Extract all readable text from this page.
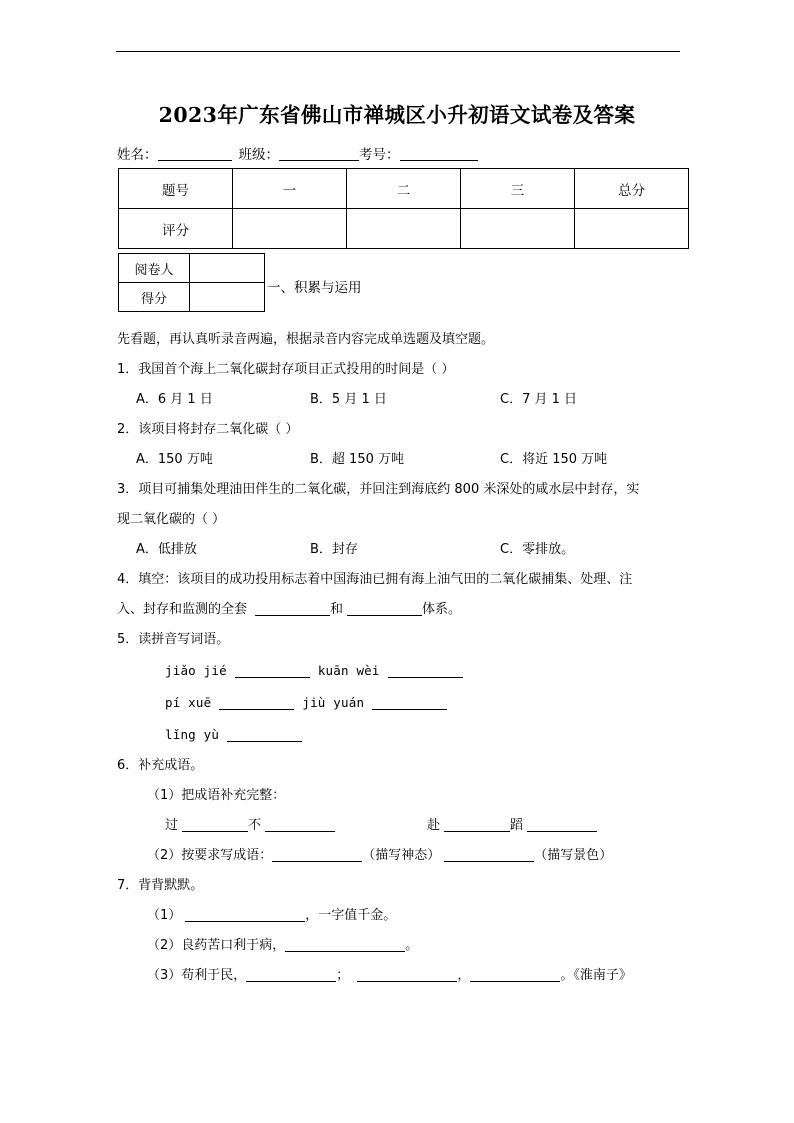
2023年广东省佛山市禅城区小升初语文试卷及答案
姓名：	班级：	考号：
题号	一	二	三	总分
评分				
阅卷人	
得分	
一、积累与运用
先看题，再认真听录音两遍，根据录音内容完成单选题及填空题。
1．我国首个海上二氧化碳封存项目正式投用的时间是（ ）
A．6 月 1 日	B．5 月 1 日	C．7 月 1 日
2．该项目将封存二氧化碳（ ）
A．150 万吨	B．超 150 万吨	C．将近 150 万吨
3．项目可捕集处理油田伴生的二氧化碳，并回注到海底约 800 米深处的咸水层中封存，实
现二氧化碳的（ ）
A．低排放	B．封存	C．零排放。
4．填空：该项目的成功投用标志着中国海油已拥有海上油气田的二氧化碳捕集、处理、注
入、封存和监测的全套	和	体系。
5．读拼音写词语。
jiǎo jié	kuān wèi
pí xuē	jiù yuán
lǐng yù
6．补充成语。
（1）把成语补充完整：
过	不	赴	蹈
（2）按要求写成语：	（描写神态）	（描写景色）
7．背背默默。
（1）	，一字值千金。
（2）良药苦口利于病，	。
（3）苟利于民，	；	，	。《淮南子》
